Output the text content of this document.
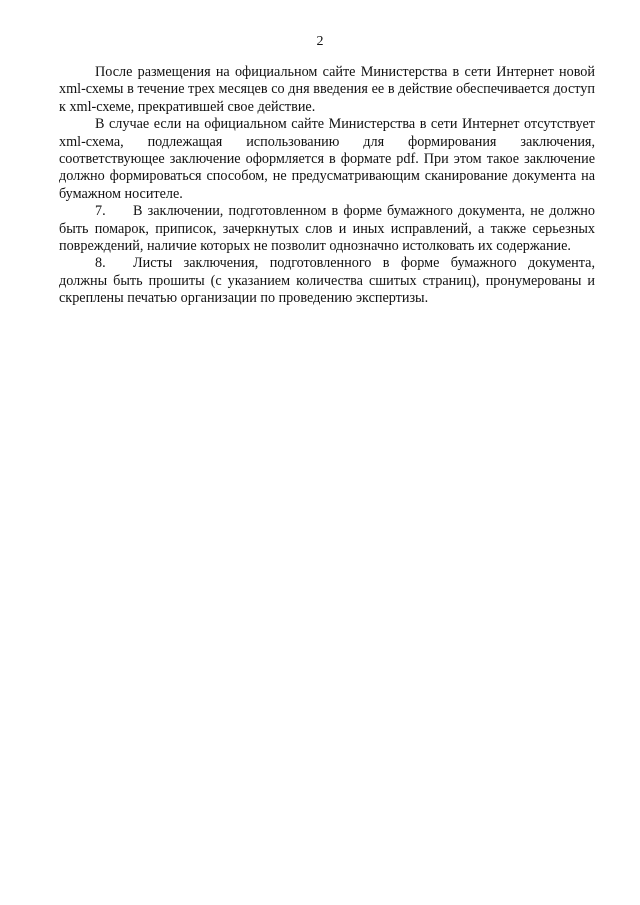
2

После размещения на официальном сайте Министерства в сети Интернет новой xml-схемы в течение трех месяцев со дня введения ее в действие обеспечивается доступ к xml-схеме, прекратившей свое действие.

В случае если на официальном сайте Министерства в сети Интернет отсутствует xml-схема, подлежащая использованию для формирования заключения, соответствующее заключение оформляется в формате pdf. При этом такое заключение должно формироваться способом, не предусматривающим сканирование документа на бумажном носителе.

7. В заключении, подготовленном в форме бумажного документа, не должно быть помарок, приписок, зачеркнутых слов и иных исправлений, а также серьезных повреждений, наличие которых не позволит однозначно истолковать их содержание.

8. Листы заключения, подготовленного в форме бумажного документа, должны быть прошиты (с указанием количества сшитых страниц), пронумерованы и скреплены печатью организации по проведению экспертизы.
